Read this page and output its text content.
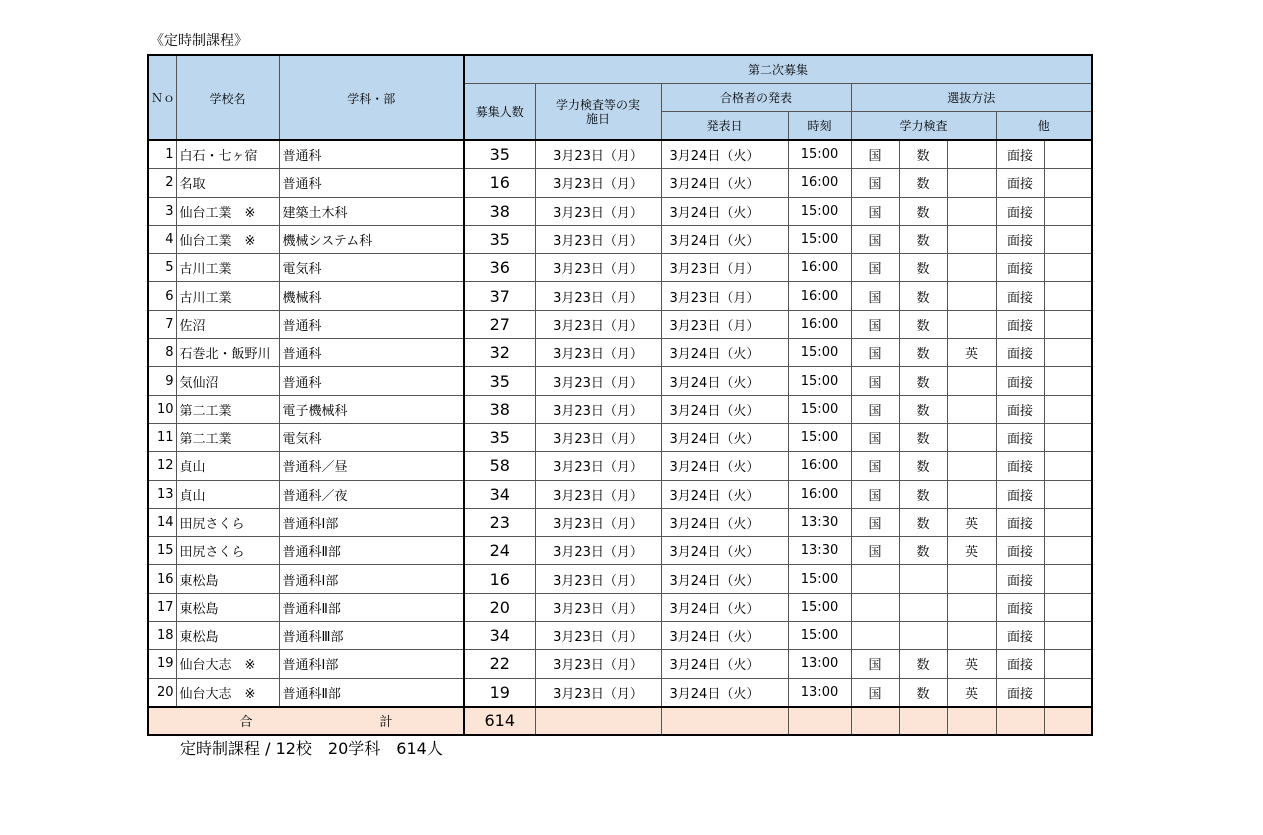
《定時制課程》
Ｎｏ	学校名	学科・部	第二次募集								
			募集人数	学力検査等の実施日	合格者の発表		選抜方法				
					発表日	時刻	学力検査			他	
1	白石・七ヶ宿	普通科	35	3月23日（月）	3月24日（火）	15:00	国	数		面接	
2	名取	普通科	16	3月23日（月）	3月24日（火）	16:00	国	数		面接	
3	仙台工業　※	建築土木科	38	3月23日（月）	3月24日（火）	15:00	国	数		面接	
4	仙台工業　※	機械システム科	35	3月23日（月）	3月24日（火）	15:00	国	数		面接	
5	古川工業	電気科	36	3月23日（月）	3月23日（月）	16:00	国	数		面接	
6	古川工業	機械科	37	3月23日（月）	3月23日（月）	16:00	国	数		面接	
7	佐沼	普通科	27	3月23日（月）	3月23日（月）	16:00	国	数		面接	
8	石巻北・飯野川	普通科	32	3月23日（月）	3月24日（火）	15:00	国	数	英	面接	
9	気仙沼	普通科	35	3月23日（月）	3月24日（火）	15:00	国	数		面接	
10	第二工業	電子機械科	38	3月23日（月）	3月24日（火）	15:00	国	数		面接	
11	第二工業	電気科	35	3月23日（月）	3月24日（火）	15:00	国	数		面接	
12	貞山	普通科／昼	58	3月23日（月）	3月24日（火）	16:00	国	数		面接	
13	貞山	普通科／夜	34	3月23日（月）	3月24日（火）	16:00	国	数		面接	
14	田尻さくら	普通科Ⅰ部	23	3月23日（月）	3月24日（火）	13:30	国	数	英	面接	
15	田尻さくら	普通科Ⅱ部	24	3月23日（月）	3月24日（火）	13:30	国	数	英	面接	
16	東松島	普通科Ⅰ部	16	3月23日（月）	3月24日（火）	15:00				面接	
17	東松島	普通科Ⅱ部	20	3月23日（月）	3月24日（火）	15:00				面接	
18	東松島	普通科Ⅲ部	34	3月23日（月）	3月24日（火）	15:00				面接	
19	仙台大志　※	普通科Ⅰ部	22	3月23日（月）	3月24日（火）	13:00	国	数	英	面接	
20	仙台大志　※	普通科Ⅱ部	19	3月23日（月）	3月24日（火）	13:00	国	数	英	面接	
合 計			614								
定時制課程 / 12校　20学科　614人
